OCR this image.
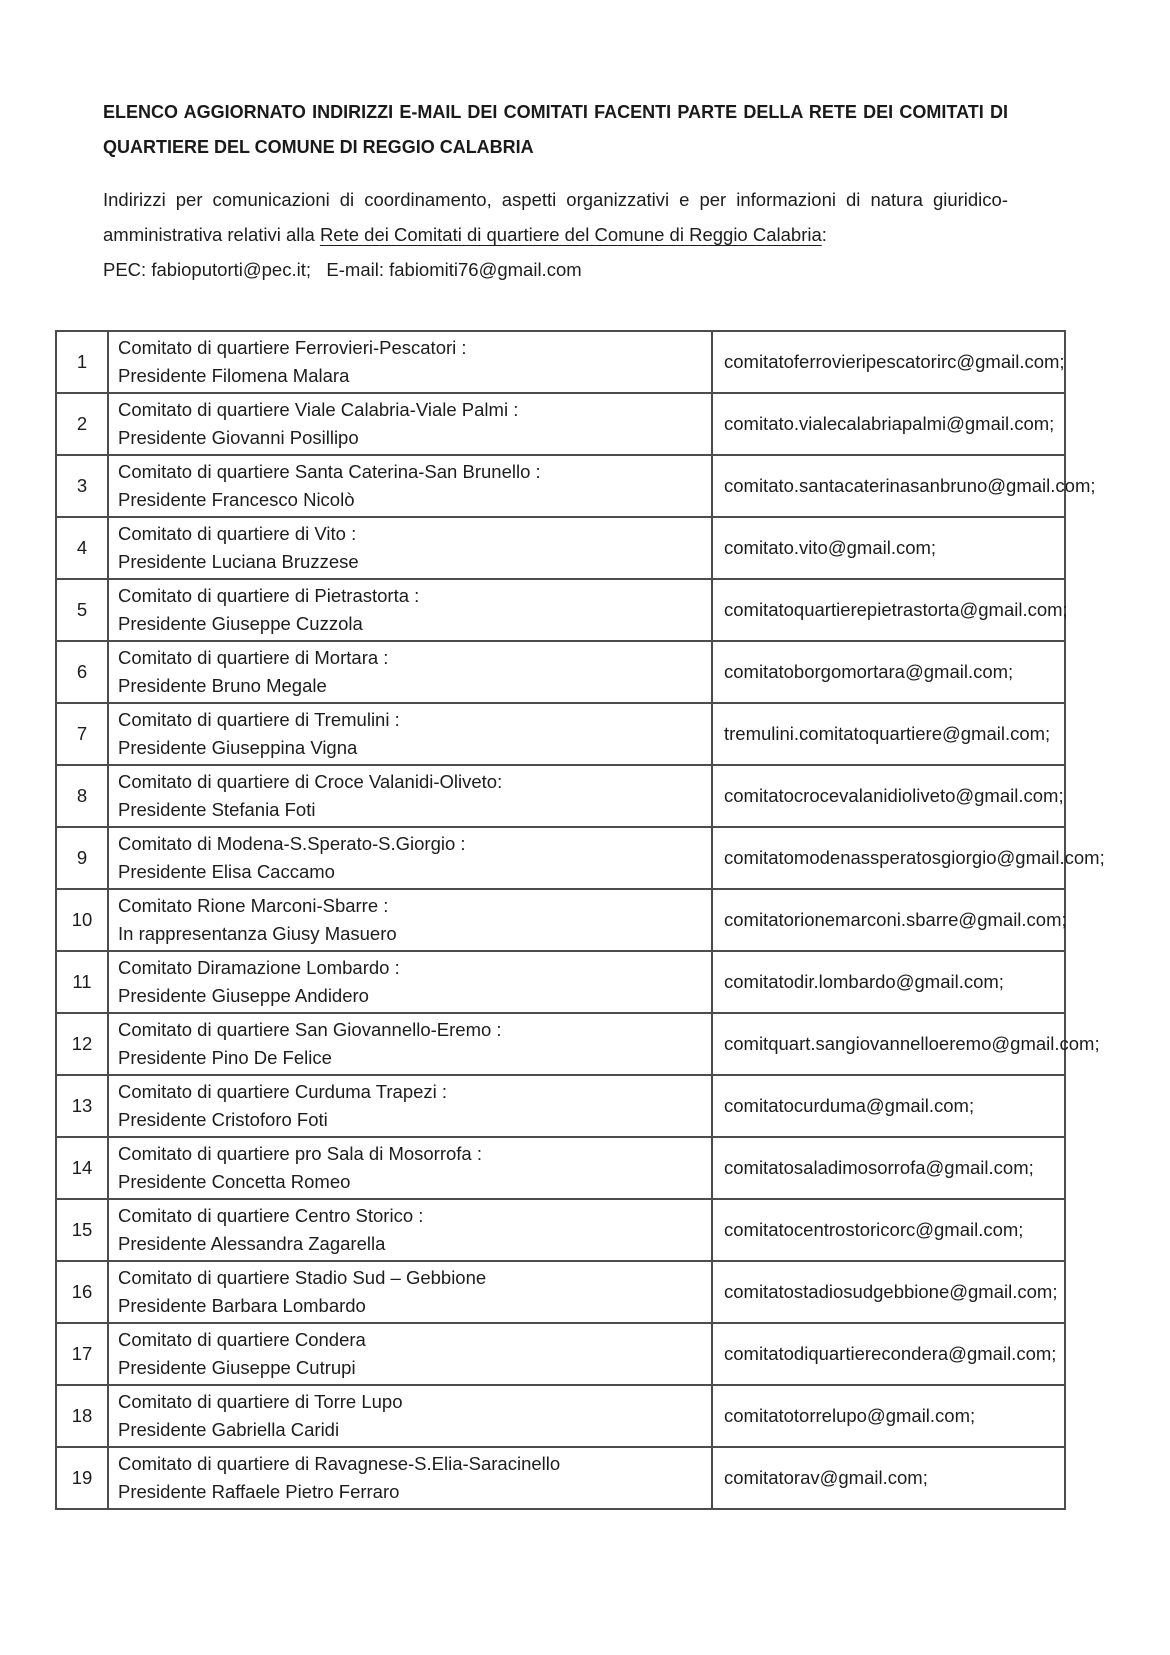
ELENCO AGGIORNATO INDIRIZZI E-MAIL DEI COMITATI FACENTI PARTE DELLA RETE DEI COMITATI DI QUARTIERE DEL COMUNE DI REGGIO CALABRIA

Indirizzi per comunicazioni di coordinamento, aspetti organizzativi e per informazioni di natura giuridico-amministrativa relativi alla Rete dei Comitati di quartiere del Comune di Reggio Calabria:
PEC: fabioputorti@pec.it;   E-mail: fabiomiti76@gmail.com

1	Comitato di quartiere Ferrovieri-Pescatori :
Presidente Filomena Malara	comitatoferrovieripescatorirc@gmail.com;
2	Comitato di quartiere Viale Calabria-Viale Palmi :
Presidente Giovanni Posillipo	comitato.vialecalabriapalmi@gmail.com;
3	Comitato di quartiere Santa Caterina-San Brunello :
Presidente Francesco Nicolò	comitato.santacaterinasanbruno@gmail.com;
4	Comitato di quartiere di Vito :
Presidente Luciana Bruzzese	comitato.vito@gmail.com;
5	Comitato di quartiere di Pietrastorta :
Presidente Giuseppe Cuzzola	comitatoquartierepietrastorta@gmail.com;
6	Comitato di quartiere di Mortara :
Presidente Bruno Megale	comitatoborgomortara@gmail.com;
7	Comitato di quartiere di Tremulini :
Presidente Giuseppina Vigna	tremulini.comitatoquartiere@gmail.com;
8	Comitato di quartiere di Croce Valanidi-Oliveto:
Presidente Stefania Foti	comitatocrocevalanidioliveto@gmail.com;
9	Comitato di Modena-S.Sperato-S.Giorgio :
Presidente Elisa Caccamo	comitatomodenassperatosgiorgio@gmail.com;
10	Comitato Rione Marconi-Sbarre :
In rappresentanza Giusy Masuero	comitatorionemarconi.sbarre@gmail.com;
11	Comitato Diramazione Lombardo :
Presidente Giuseppe Andidero	comitatodir.lombardo@gmail.com;
12	Comitato di quartiere San Giovannello-Eremo :
Presidente Pino De Felice	comitquart.sangiovannelloeremo@gmail.com;
13	Comitato di quartiere Curduma Trapezi :
Presidente Cristoforo Foti	comitatocurduma@gmail.com;
14	Comitato di quartiere pro Sala di Mosorrofa :
Presidente Concetta Romeo	comitatosaladimosorrofa@gmail.com;
15	Comitato di quartiere Centro Storico :
Presidente Alessandra Zagarella	comitatocentrostoricorc@gmail.com;
16	Comitato di quartiere Stadio Sud – Gebbione
Presidente Barbara Lombardo	comitatostadiosudgebbione@gmail.com;
17	Comitato di quartiere Condera
Presidente Giuseppe Cutrupi	comitatodiquartierecondera@gmail.com;
18	Comitato di quartiere di Torre Lupo
Presidente Gabriella Caridi	comitatotorrelupo@gmail.com;
19	Comitato di quartiere di Ravagnese-S.Elia-Saracinello
Presidente Raffaele Pietro Ferraro	comitatorav@gmail.com;
